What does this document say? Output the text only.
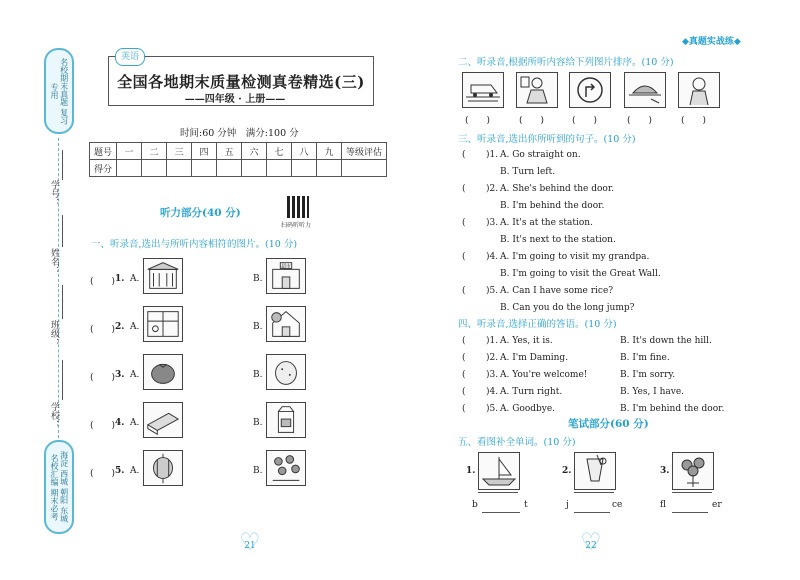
名校期末真题 复习专用
学号：
姓名：
班级：
学校：
海淀 西城 朝阳 东城 名校汇编 期末必考
英语
全国各地期末质量检测真卷精选(三)
——四年级 · 上册——
时间:60 分钟　满分:100 分
题号	一	二	三	四	五	六	七	八	九	等级评估
得分										
听力部分(40 分)
扫码听听力
一、听录音,选出与所听内容相符的图片。(10 分)
(　　) 1. A.	B.
超市
(　　) 2. A.	B.
(　　) 3. A.	B.
(　　) 4. A.	B.
(　　) 5. A.	B.
♡ 21
◆真题实战练◆
二、听录音,根据所听内容给下列图片排序。(10 分)
(　　)	(　　)	(　　)	(　　)	(　　)
三、听录音,选出你所听到的句子。(10 分)
( )1. A. Go straight on.
B. Turn left.
( )2. A. She's behind the door.
B. I'm behind the door.
( )3. A. It's at the station.
B. It's next to the station.
( )4. A. I'm going to visit my grandpa.
B. I'm going to visit the Great Wall.
( )5. A. Can I have some rice?
B. Can you do the long jump?
四、听录音,选择正确的答语。(10 分)
( )1. A. Yes, it is.	B. It's down the hill.
( )2. A. I'm Daming.	B. I'm fine.
( )3. A. You're welcome!	B. I'm sorry.
( )4. A. Turn right.	B. Yes, I have.
( )5. A. Goodbye.	B. I'm behind the door.
笔试部分(60 分)
五、看图补全单词。(10 分)
1.
b	t
2.
j	ce
3.
fl	er
♡ 22
